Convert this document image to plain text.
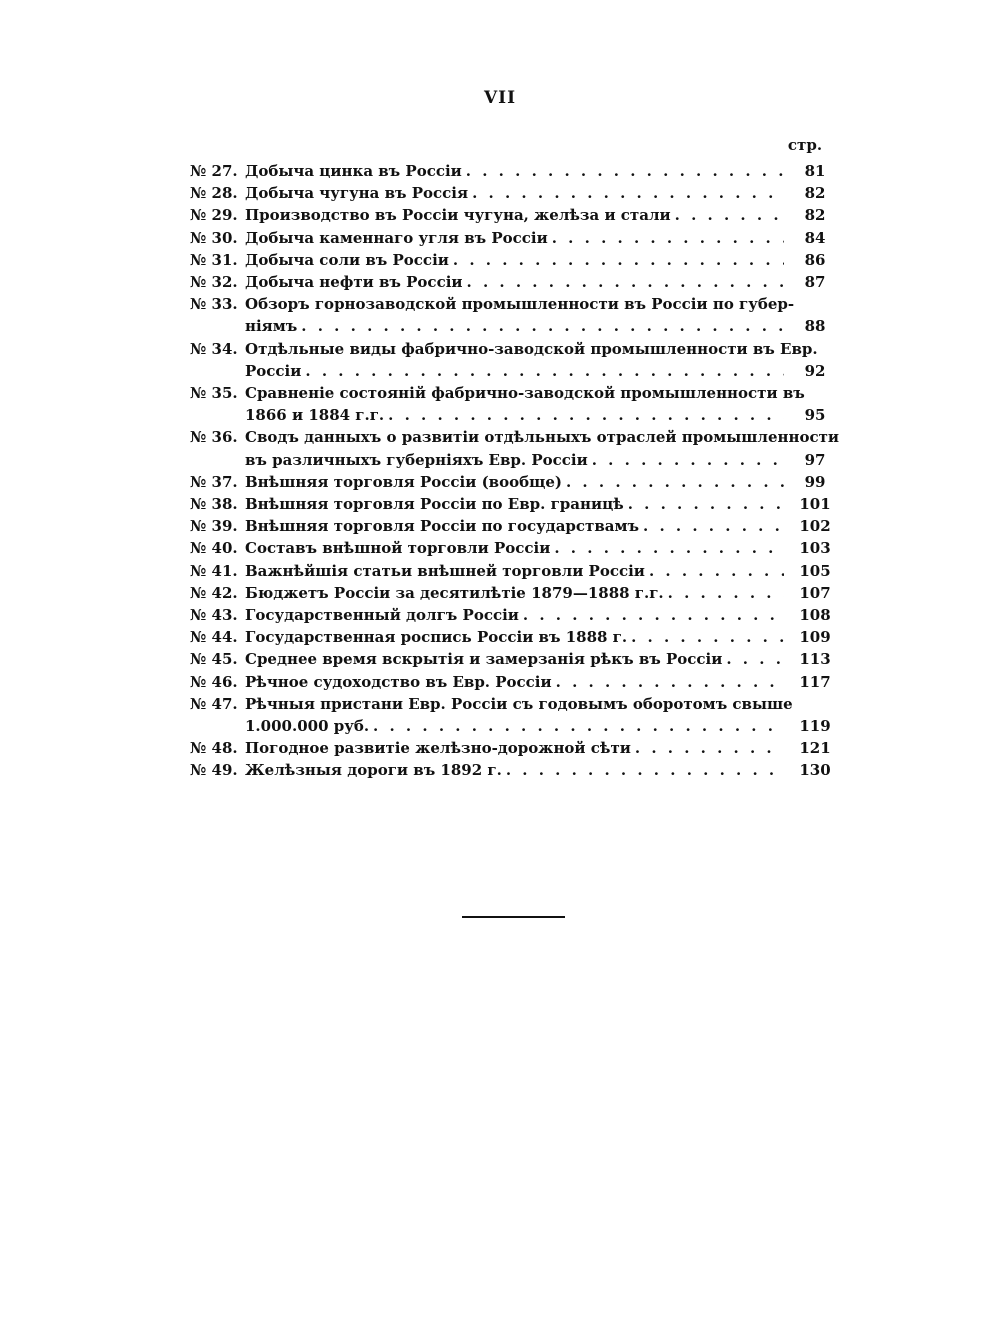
VII
стр.
№ 27. Добыча цинка въ Россіи . . .	81
№ 28. Добыча чугуна въ Россія . . .	82
№ 29. Производство въ Россіи чугуна, желѣза и стали . . .	82
№ 30. Добыча каменнаго угля въ Россіи . . .	84
№ 31. Добыча соли въ Россіи . . .	86
№ 32. Добыча нефти въ Россіи . . .	87
№ 33. Обзоръ горнозаводской промышленности въ Россіи по губер-
ніямъ . . .	88
№ 34. Отдѣльные виды фабрично-заводской промышленности въ Евр.
Россіи . . .	92
№ 35. Сравненіе состояній фабрично-заводской промышленности въ
1866 и 1884 г.г. . . .	95
№ 36. Сводъ данныхъ о развитіи отдѣльныхъ отраслей промышленности
въ различныхъ губерніяхъ Евр. Россіи . . .	97
№ 37. Внѣшняя торговля Россіи (вообще) . . .	99
№ 38. Внѣшняя торговля Россіи по Евр. границѣ . . .	101
№ 39. Внѣшняя торговля Россіи по государствамъ . . .	102
№ 40. Составъ внѣшной торговли Россіи . . .	103
№ 41. Важнѣйшія статьи внѣшней торговли Россіи . . .	105
№ 42. Бюджетъ Россіи за десятилѣтіе 1879—1888 г.г. . . .	107
№ 43. Государственный долгъ Россіи . . .	108
№ 44. Государственная роспись Россіи въ 1888 г. . . .	109
№ 45. Среднее время вскрытія и замерзанія рѣкъ въ Россіи . . .	113
№ 46. Рѣчное судоходство въ Евр. Россіи . . .	117
№ 47. Рѣчныя пристани Евр. Россіи съ годовымъ оборотомъ свыше
1.000.000 руб. . . .	119
№ 48. Погодное развитіе желѣзно-дорожной сѣти . . .	121
№ 49. Желѣзныя дороги въ 1892 г. . . .	130
